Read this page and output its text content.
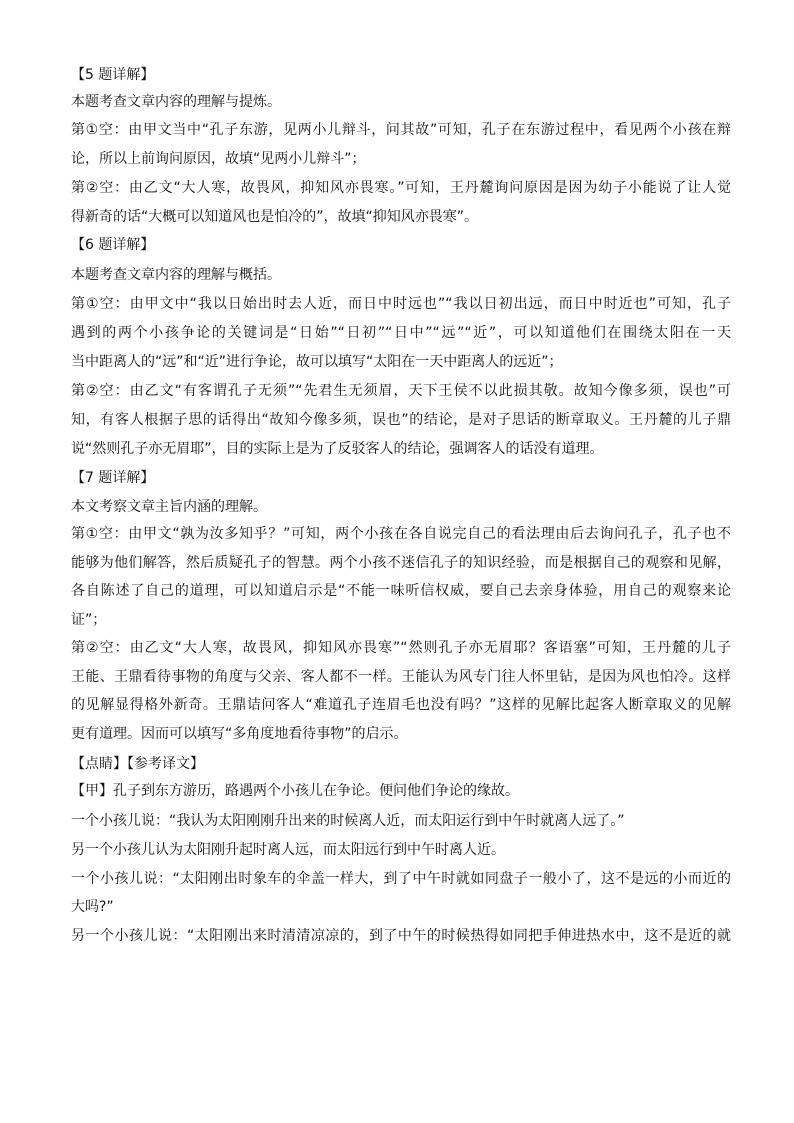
【5 题详解】
本题考查文章内容的理解与提炼。
第①空：由甲文当中“孔子东游，见两小儿辩斗，问其故”可知，孔子在东游过程中，看见两个小孩在辩
论，所以上前询问原因，故填“见两小儿辩斗”；
第②空：由乙文“大人寒，故畏风，抑知风亦畏寒。”可知，王丹麓询问原因是因为幼子小能说了让人觉
得新奇的话“大概可以知道风也是怕冷的”，故填“抑知风亦畏寒”。
【6 题详解】
本题考查文章内容的理解与概括。
第①空：由甲文中“我以日始出时去人近，而日中时远也”“我以日初出远，而日中时近也”可知，孔子
遇到的两个小孩争论的关键词是“日始”“日初”“日中”“远”“近”，可以知道他们在围绕太阳在一天
当中距离人的“远”和“近”进行争论，故可以填写“太阳在一天中距离人的远近”；
第②空：由乙文“有客谓孔子无须”“先君生无须眉，天下王侯不以此损其敬。故知今像多须，误也”可
知，有客人根据子思的话得出“故知今像多须，误也”的结论，是对子思话的断章取义。王丹麓的儿子鼎
说“然则孔子亦无眉耶”，目的实际上是为了反驳客人的结论，强调客人的话没有道理。
【7 题详解】
本文考察文章主旨内涵的理解。
第①空：由甲文“孰为汝多知乎？”可知，两个小孩在各自说完自己的看法理由后去询问孔子，孔子也不
能够为他们解答，然后质疑孔子的智慧。两个小孩不迷信孔子的知识经验，而是根据自己的观察和见解，
各自陈述了自己的道理，可以知道启示是“不能一味听信权威，要自己去亲身体验，用自己的观察来论
证”；
第②空：由乙文“大人寒，故畏风，抑知风亦畏寒”“然则孔子亦无眉耶？客语塞”可知，王丹麓的儿子
王能、王鼎看待事物的角度与父亲、客人都不一样。王能认为风专门往人怀里钻，是因为风也怕冷。这样
的见解显得格外新奇。王鼎诘问客人“难道孔子连眉毛也没有吗？”这样的见解比起客人断章取义的见解
更有道理。因而可以填写“多角度地看待事物”的启示。
【点睛】【参考译文】
【甲】孔子到东方游历，路遇两个小孩儿在争论。便问他们争论的缘故。
一个小孩儿说：“我认为太阳刚刚升出来的时候离人近，而太阳运行到中午时就离人远了。”
另一个小孩儿认为太阳刚升起时离人远，而太阳远行到中午时离人近。
一个小孩儿说：“太阳刚出时象车的伞盖一样大，到了中午时就如同盘子一般小了，这不是远的小而近的
大吗?”
另一个小孩儿说：“太阳刚出来时清清凉凉的，到了中午的时候热得如同把手伸进热水中，这不是近的就
